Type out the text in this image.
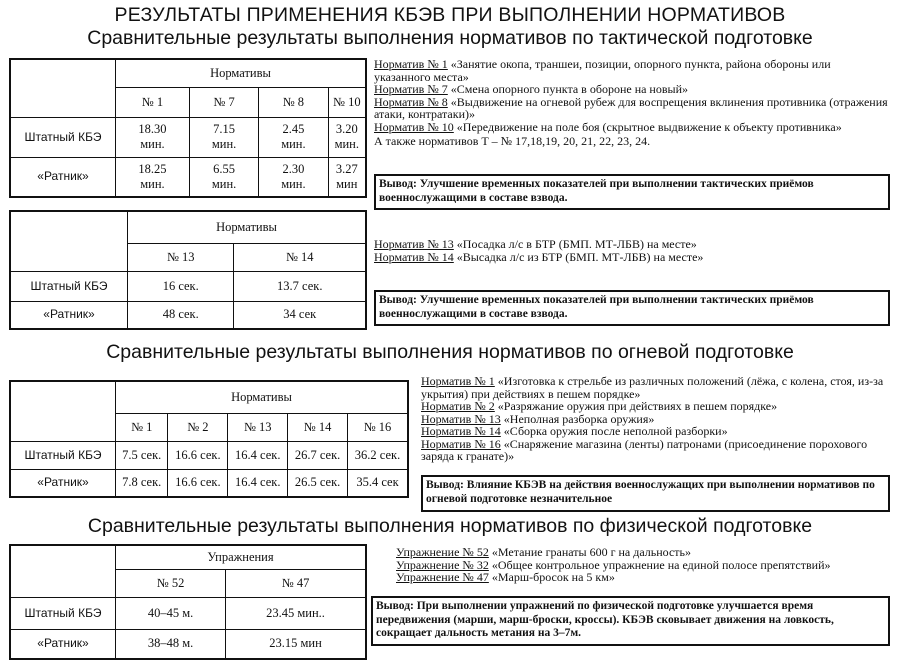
РЕЗУЛЬТАТЫ ПРИМЕНЕНИЯ КБЭВ ПРИ ВЫПОЛНЕНИИ НОРМАТИВОВ
Сравнительные результаты выполнения нормативов по тактической подготовке
Сравнительные результаты выполнения нормативов по огневой подготовке
Сравнительные результаты выполнения нормативов по физической подготовке
	Нормативы			
	№ 1	№ 7	№ 8	№ 10
Штатный КБЭ	18.30 мин.	7.15 мин.	2.45 мин.	3.20 мин.
«Ратник»	18.25 мин.	6.55 мин.	2.30 мин.	3.27 мин

Норматив № 1 «Занятие окопа, траншеи, позиции, опорного пункта, района обороны или указанного места»

Норматив № 7 «Смена опорного пункта в обороне на новый»

Норматив № 8 «Выдвижение на огневой рубеж для воспрещения вклинения противника (отражения атаки, контратаки)»

Норматив № 10 «Передвижение на поле боя (скрытное выдвижение к объекту противника»

А также нормативов Т – № 17,18,19, 20, 21, 22, 23, 24.

Вывод: Улучшение временных показателей при выполнении тактических приёмов военнослужащими в составе взвода.
	Нормативы	
	№ 13	№ 14
Штатный КБЭ	16 сек.	13.7 сек.
«Ратник»	48 сек.	34 сек

Норматив № 13 «Посадка л/с в БТР (БМП. МТ-ЛБВ) на месте»

Норматив № 14 «Высадка л/с из БТР (БМП. МТ-ЛБВ) на месте»

Вывод: Улучшение временных показателей при выполнении тактических приёмов военнослужащими в составе взвода.
	Нормативы				
	№ 1	№ 2	№ 13	№ 14	№ 16
Штатный КБЭ	7.5 сек.	16.6 сек.	16.4 сек.	26.7 сек.	36.2 сек.
«Ратник»	7.8 сек.	16.6 сек.	16.4 сек.	26.5 сек.	35.4 сек

Норматив № 1 «Изготовка к стрельбе из различных положений (лёжа, с колена, стоя, из-за укрытия) при действиях в пешем порядке»

Норматив № 2 «Разряжание оружия при действиях в пешем порядке»

Норматив № 13 «Неполная разборка оружия»

Норматив № 14 «Сборка оружия после неполной разборки»

Норматив № 16 «Снаряжение магазина (ленты) патронами (присоединение порохового заряда к гранате)»

Вывод: Влияние КБЭВ на действия военнослужащих при выполнении нормативов по огневой подготовке незначительное
	Упражнения	
	№ 52	№ 47
Штатный КБЭ	40–45 м.	23.45 мин..
«Ратник»	38–48 м.	23.15 мин

Упражнение № 52 «Метание гранаты 600 г на дальность»

Упражнение № 32 «Общее контрольное упражнение на единой полосе препятствий»

Упражнение № 47 «Марш-бросок на 5 км»

Вывод: При выполнении упражнений по физической подготовке улучшается время передвижения (марши, марш-броски, кроссы). КБЭВ сковывает движения на ловкость, сокращает дальность метания на 3–7м.
